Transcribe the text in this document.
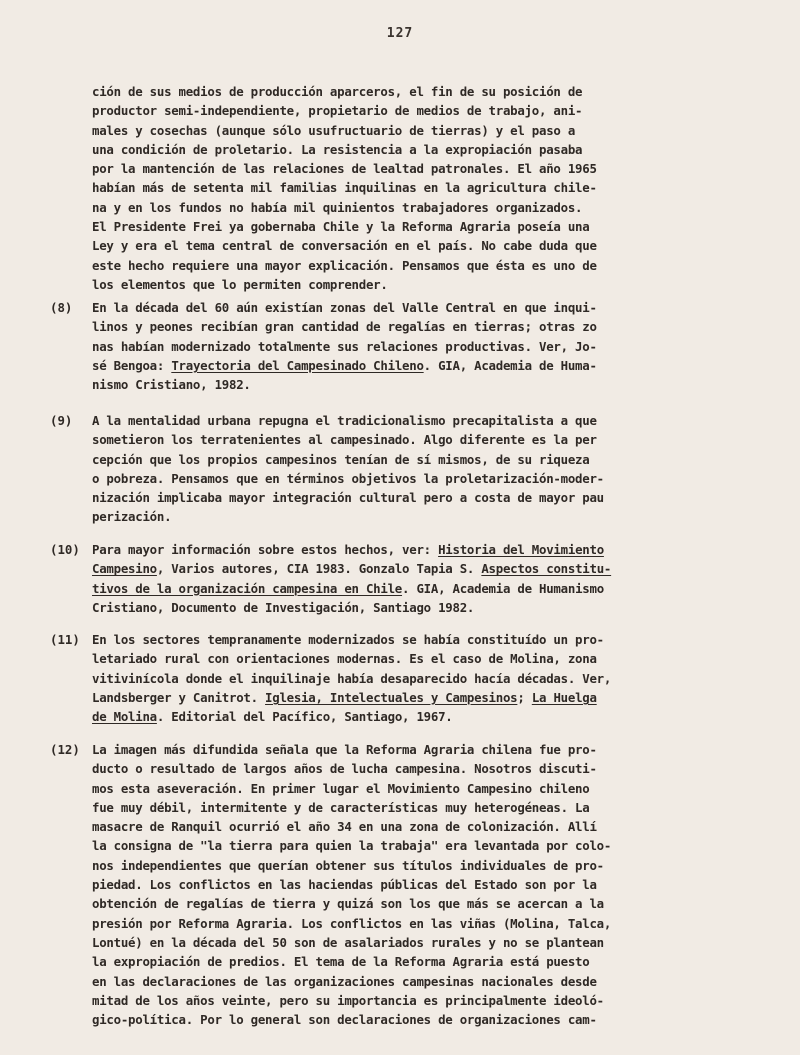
127
ción de sus medios de producción aparceros, el fin de su posición de
productor semi-independiente, propietario de medios de trabajo, ani-
males y cosechas (aunque sólo usufructuario de tierras) y el paso a
una condición de proletario. La resistencia a la expropiación pasaba
por la mantención de las relaciones de lealtad patronales. El año 1965
habían más de setenta mil familias inquilinas en la agricultura chile-
na y en los fundos no había mil quinientos trabajadores organizados.
El Presidente Frei ya gobernaba Chile y la Reforma Agraria poseía una
Ley y era el tema central de conversación en el país. No cabe duda que
este hecho requiere una mayor explicación. Pensamos que ésta es uno de
los elementos que lo permiten comprender.
(8) En la década del 60 aún existían zonas del Valle Central en que inqui-
linos y peones recibían gran cantidad de regalías en tierras; otras zo
nas habían modernizado totalmente sus relaciones productivas. Ver, Jo-
sé Bengoa: Trayectoria del Campesinado Chileno. GIA, Academia de Huma-
nismo Cristiano, 1982.
(9) A la mentalidad urbana repugna el tradicionalismo precapitalista a que
sometieron los terratenientes al campesinado. Algo diferente es la per
cepción que los propios campesinos tenían de sí mismos, de su riqueza
o pobreza. Pensamos que en términos objetivos la proletarización-moder-
nización implicaba mayor integración cultural pero a costa de mayor pau
perización.
(10) Para mayor información sobre estos hechos, ver: Historia del Movimiento
Campesino, Varios autores, CIA 1983. Gonzalo Tapia S. Aspectos constitu-
tivos de la organización campesina en Chile. GIA, Academia de Humanismo
Cristiano, Documento de Investigación, Santiago 1982.
(11) En los sectores tempranamente modernizados se había constituído un pro-
letariado rural con orientaciones modernas. Es el caso de Molina, zona
vitivinícola donde el inquilinaje había desaparecido hacía décadas. Ver,
Landsberger y Canitrot. Iglesia, Intelectuales y Campesinos; La Huelga
de Molina. Editorial del Pacífico, Santiago, 1967.
(12) La imagen más difundida señala que la Reforma Agraria chilena fue pro-
ducto o resultado de largos años de lucha campesina. Nosotros discuti-
mos esta aseveración. En primer lugar el Movimiento Campesino chileno
fue muy débil, intermitente y de características muy heterogéneas. La
masacre de Ranquil ocurrió el año 34 en una zona de colonización. Allí
la consigna de "la tierra para quien la trabaja" era levantada por colo-
nos independientes que querían obtener sus títulos individuales de pro-
piedad. Los conflictos en las haciendas públicas del Estado son por la
obtención de regalías de tierra y quizá son los que más se acercan a la
presión por Reforma Agraria. Los conflictos en las viñas (Molina, Talca,
Lontué) en la década del 50 son de asalariados rurales y no se plantean
la expropiación de predios. El tema de la Reforma Agraria está puesto
en las declaraciones de las organizaciones campesinas nacionales desde
mitad de los años veinte, pero su importancia es principalmente ideoló-
gico-política. Por lo general son declaraciones de organizaciones cam-
